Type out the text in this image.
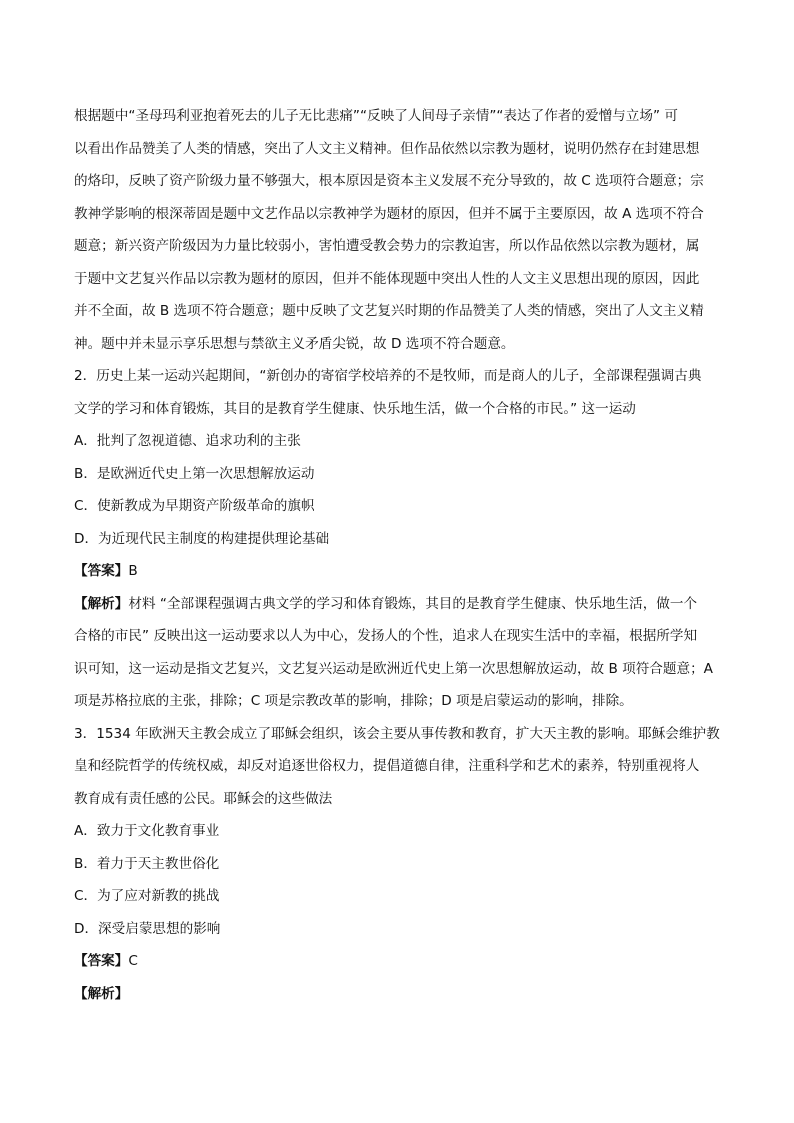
根据题中“圣母玛利亚抱着死去的儿子无比悲痛”“反映了人间母子亲情”“表达了作者的爱憎与立场” 可
以看出作品赞美了人类的情感，突出了人文主义精神。但作品依然以宗教为题材，说明仍然存在封建思想
的烙印，反映了资产阶级力量不够强大，根本原因是资本主义发展不充分导致的，故 C 选项符合题意；宗
教神学影响的根深蒂固是题中文艺作品以宗教神学为题材的原因，但并不属于主要原因，故 A 选项不符合
题意；新兴资产阶级因为力量比较弱小，害怕遭受教会势力的宗教迫害，所以作品依然以宗教为题材，属
于题中文艺复兴作品以宗教为题材的原因，但并不能体现题中突出人性的人文主义思想出现的原因，因此
并不全面，故 B 选项不符合题意；题中反映了文艺复兴时期的作品赞美了人类的情感，突出了人文主义精
神。题中并未显示享乐思想与禁欲主义矛盾尖锐，故 D 选项不符合题意。
2．历史上某一运动兴起期间，“新创办的寄宿学校培养的不是牧师，而是商人的儿子，全部课程强调古典
文学的学习和体育锻炼，其目的是教育学生健康、快乐地生活，做一个合格的市民。” 这一运动
A．批判了忽视道德、追求功利的主张
B．是欧洲近代史上第一次思想解放运动
C．使新教成为早期资产阶级革命的旗帜
D．为近现代民主制度的构建提供理论基础
【答案】B
【解析】材料 “全部课程强调古典文学的学习和体育锻炼，其目的是教育学生健康、快乐地生活，做一个
合格的市民” 反映出这一运动要求以人为中心，发扬人的个性，追求人在现实生活中的幸福，根据所学知
识可知，这一运动是指文艺复兴，文艺复兴运动是欧洲近代史上第一次思想解放运动，故 B 项符合题意；A
项是苏格拉底的主张，排除；C 项是宗教改革的影响，排除；D 项是启蒙运动的影响，排除。
3．1534 年欧洲天主教会成立了耶稣会组织，该会主要从事传教和教育，扩大天主教的影响。耶稣会维护教
皇和经院哲学的传统权威，却反对追逐世俗权力，提倡道德自律，注重科学和艺术的素养，特别重视将人
教育成有责任感的公民。耶稣会的这些做法
A．致力于文化教育事业
B．着力于天主教世俗化
C．为了应对新教的挑战
D．深受启蒙思想的影响
【答案】C
【解析】
